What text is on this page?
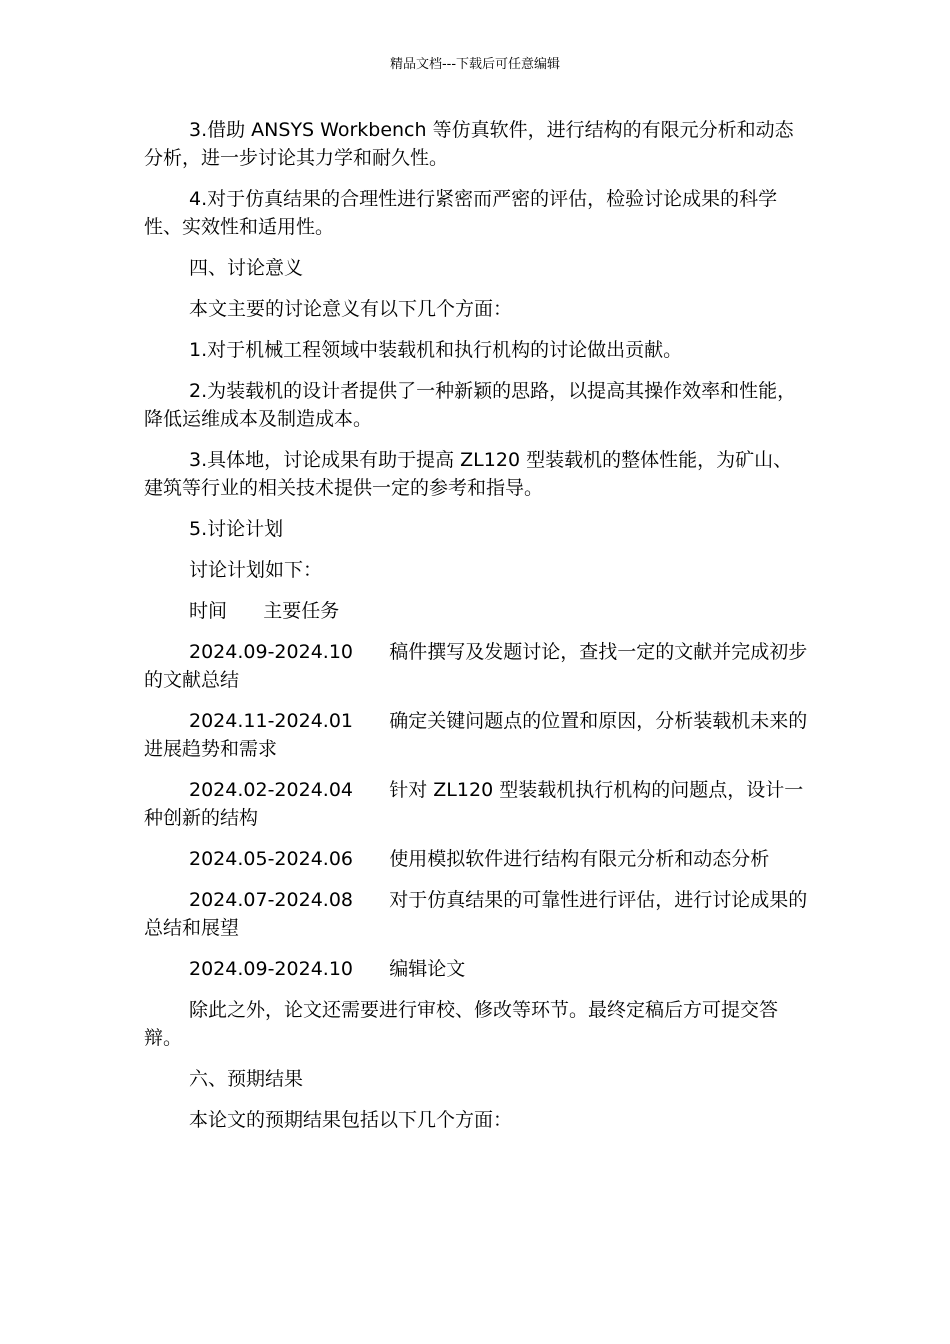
精品文档---下载后可任意编辑

3.借助 ANSYS Workbench 等仿真软件，进行结构的有限元分析和动态分析，进一步讨论其力学和耐久性。

4.对于仿真结果的合理性进行紧密而严密的评估，检验讨论成果的科学性、实效性和适用性。

四、讨论意义

本文主要的讨论意义有以下几个方面：

1.对于机械工程领域中装载机和执行机构的讨论做出贡献。

2.为装载机的设计者提供了一种新颖的思路，以提高其操作效率和性能，降低运维成本及制造成本。

3.具体地，讨论成果有助于提高 ZL120 型装载机的整体性能，为矿山、建筑等行业的相关技术提供一定的参考和指导。

5.讨论计划

讨论计划如下：

时间 主要任务

2024.09-2024.10 稿件撰写及发题讨论，查找一定的文献并完成初步的文献总结

2024.11-2024.01 确定关键问题点的位置和原因，分析装载机未来的进展趋势和需求

2024.02-2024.04 针对 ZL120 型装载机执行机构的问题点，设计一种创新的结构

2024.05-2024.06 使用模拟软件进行结构有限元分析和动态分析

2024.07-2024.08 对于仿真结果的可靠性进行评估，进行讨论成果的总结和展望

2024.09-2024.10 编辑论文

除此之外，论文还需要进行审校、修改等环节。最终定稿后方可提交答辩。

六、预期结果

本论文的预期结果包括以下几个方面：
